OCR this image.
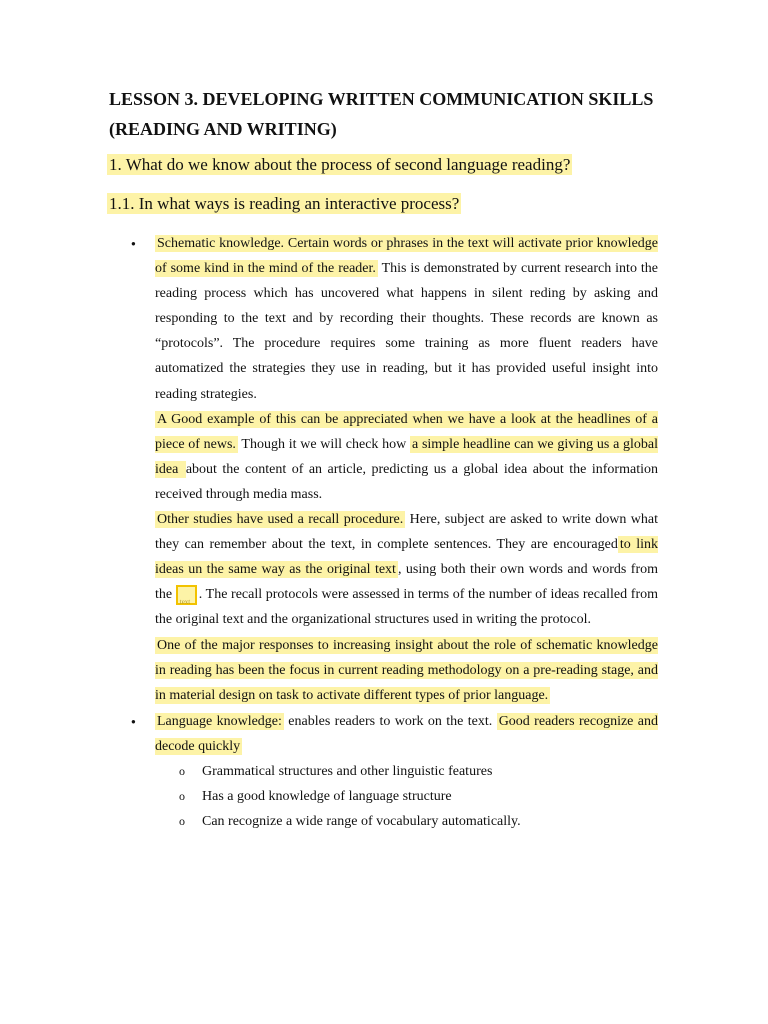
LESSON 3. DEVELOPING WRITTEN COMMUNICATION SKILLS
(READING AND WRITING)

1. What do we know about the process of second language reading?

1.1. In what ways is reading an interactive process?

● Schematic knowledge. Certain words or phrases in the text will activate prior knowledge of some kind in the mind of the reader. This is demonstrated by current research into the reading process which has uncovered what happens in silent reding by asking and responding to the text and by recording their thoughts. These records are known as “protocols”. The procedure requires some training as more fluent readers have automatized the strategies they use in reading, but it has provided useful insight into reading strategies.

A Good example of this can be appreciated when we have a look at the headlines of a piece of news. Though it we will check how a simple headline can we giving us a global idea about the content of an article, predicting us a global idea about the information received through media mass.

Other studies have used a recall procedure. Here, subject are asked to write down what they can remember about the text, in complete sentences. They are encouraged to link ideas un the same way as the original text , using both their own words and words from the text . The recall protocols were assessed in terms of the number of ideas recalled from the original text and the organizational structures used in writing the protocol.

One of the major responses to increasing insight about the role of schematic knowledge in reading has been the focus in current reading methodology on a pre-reading stage, and in material design on task to activate different types of prior language.

● Language knowledge: enables readers to work on the text. Good readers recognize and decode quickly

o Grammatical structures and other linguistic features
o Has a good knowledge of language structure
o Can recognize a wide range of vocabulary automatically.
